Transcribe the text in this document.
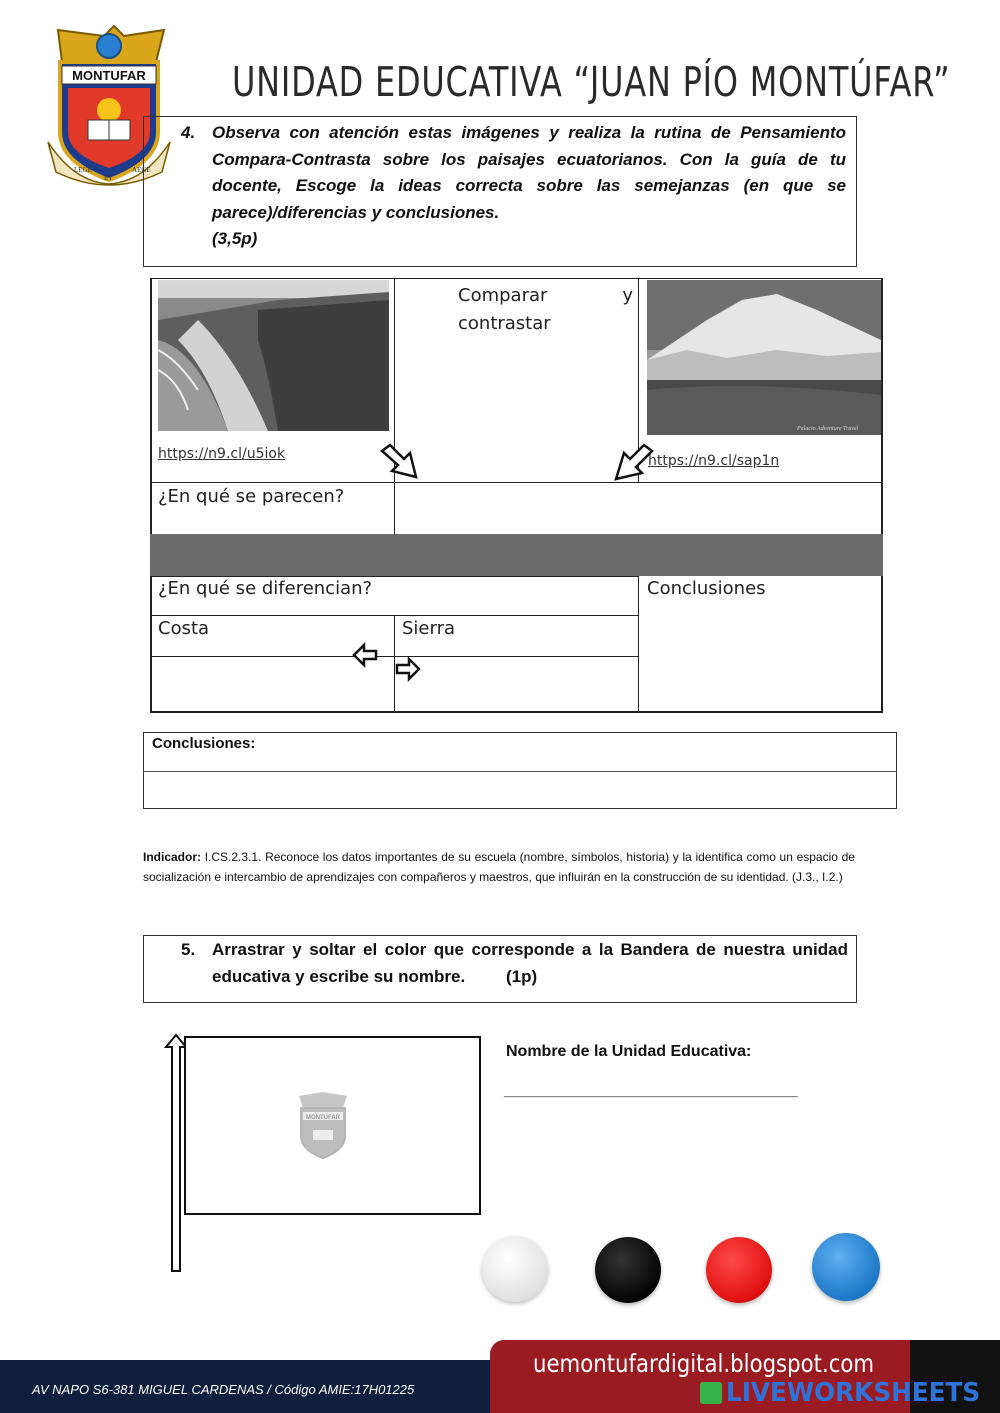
MONTUFAR
LEGE
ET
AEGE
UNIDAD EDUCATIVA “JUAN PÍO MONTÚFAR”
4. Observa con atención estas imágenes y realiza la rutina de Pensamiento Compara-Contrasta sobre los paisajes ecuatorianos. Con la guía de tu docente, Escoge la ideas correcta sobre las semejanzas (en que se parece)/diferencias y conclusiones.
(3,5p)
https://n9.cl/u5iok
Comparar y contrastar
Palacio Adventure Travel
https://n9.cl/sap1n
¿En qué se parecen?
¿En qué se diferencian?	Conclusiones
Costa	Sierra
Conclusiones:
Indicador: I.CS.2.3.1. Reconoce los datos importantes de su escuela (nombre, símbolos, historia) y la identifica como un espacio de socialización e intercambio de aprendizajes con compañeros y maestros, que influirán en la construcción de su identidad. (J.3., I.2.)
5. Arrastrar y soltar el color que corresponde a la Bandera de nuestra unidad educativa y escribe su nombre. (1p)
MONTUFAR
Nombre de la Unidad Educativa:
_________________________________
AV NAPO S6-381 MIGUEL CARDENAS / Código AMIE:17H01225
uemontufardigital.blogspot.com
LIVEWORKSHEETS
